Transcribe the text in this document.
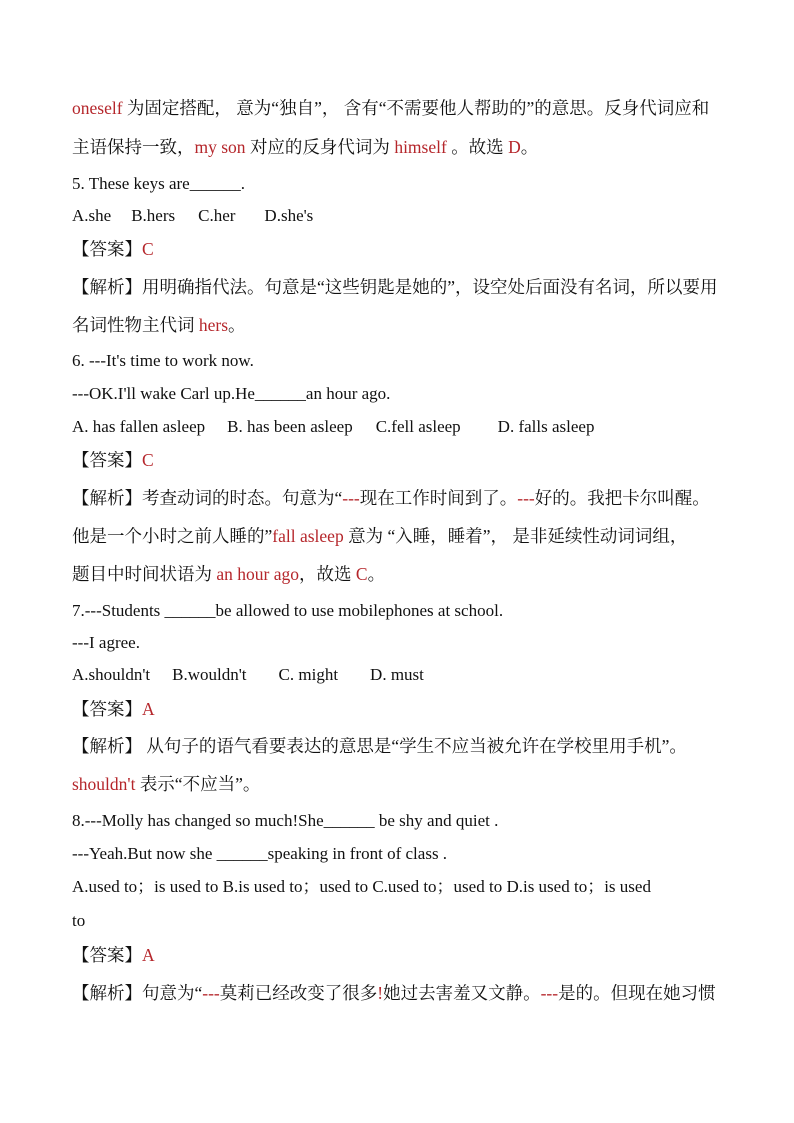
oneself 为固定搭配， 意为“独自”， 含有“不需要他人帮助的”的意思。反身代词应和
主语保持一致，my son 对应的反身代词为 himself 。故选 D。
5. These keys are______.
A.she B.hers C.her D.she's
【答案】C
【解析】用明确指代法。句意是“这些钥匙是她的”，设空处后面没有名词，所以要用
名词性物主代词 hers。
6. ---It's time to work now.
---OK.I'll wake Carl up.He______an hour ago.
A. has fallen asleep B. has been asleep C.fell asleep D. falls asleep
【答案】C
【解析】考查动词的时态。句意为“---现在工作时间到了。---好的。我把卡尔叫醒。
他是一个小时之前人睡的”fall asleep 意为 “入睡，睡着”， 是非延续性动词词组，
题目中时间状语为 an hour ago，故选 C。
7.---Students ______be allowed to use mobilephones at school.
---I agree.
A.shouldn't B.wouldn't C. might D. must
【答案】A
【解析】 从句子的语气看要表达的意思是“学生不应当被允许在学校里用手机”。
shouldn't 表示“不应当”。
8.---Molly has changed so much!She______ be shy and quiet .
---Yeah.But now she ______speaking in front of class .
A.used to；is used to B.is used to；used to C.used to；used to D.is used to；is used
to
【答案】A
【解析】句意为“---莫莉已经改变了很多!她过去害羞又文静。---是的。但现在她习惯
